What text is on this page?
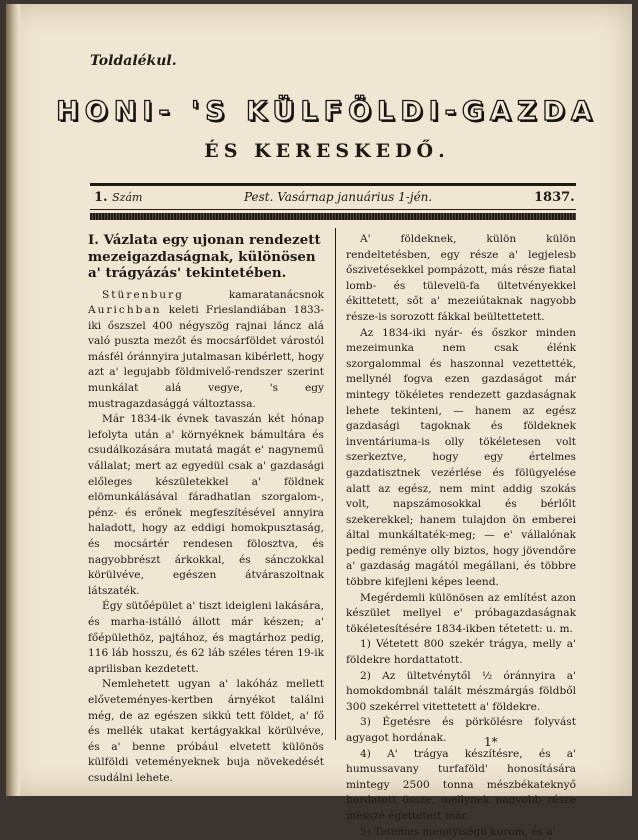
Toldalékul.
HONI- 'S KÜLFÖLDI-GAZDA
ÉS KERESKEDŐ.
1. Szám	Pest. Vasárnap januárius 1-jén.	1837.

I. Vázlata egy ujonan rendezett mezeigazdaságnak, különösen a' trágyázás' tekintetében.

Stürenburg kamaratanácsnok Aurichban keleti Frieslandiában 1833-iki őszszel 400 négyszög rajnai láncz alá való puszta mezőt és mocsárföldet várostól másfél óránnyira jutalmasan kibérlett, hogy azt a' legujabb földmivelő-rendszer szerint munkálat alá vegye, 's egy mustragazdasággá változtassa.

Már 1834-ik évnek tavaszán két hónap lefolyta után a' környéknek bámultára és csudálkozására mutatá magát e' nagynemű vállalat; mert az egyedül csak a' gazdasági előleges készületekkel a' földnek elömunkálásával fáradhatlan szorgalom-, pénz- és erőnek megfeszítésével annyira haladott, hogy az eddigi homokpusztaság, és mocsártér rendesen fölosztva, és nagyobbrészt árkokkal, és sánczokkal körülvéve, egészen átváraszoltnak látszaték.

Égy sütőépület a' tiszt ideigleni lakására, és marha-istálló állott már készen; a' főépülethöz, pajtához, és magtárhoz pedig, 116 láb hosszu, és 62 láb széles téren 19-ik aprilisban kezdetett.

Nemlehetett ugyan a' lakóház mellett előveteményes-kertben árnyékot találni még, de az egészen sikkú tett földet, a' fő és mellék utakat kertágyakkal körülvéve, és a' benne próbául elvetett különös külföldi veteményeknek buja növekedését csudálni lehete.

A' földeknek, külön külön rendeltetésben, egy része a' legjelesb őszivetésekkel pompázott, más része fiatal lomb- és tülevelü-fa ültetvényekkel ékittetett, sőt a' mezeiútaknak nagyobb része-is sorozott fákkal beültettetett.

Az 1834-iki nyár- és őszkor minden mezeimunka nem csak élénk szorgalommal és haszonnal vezettették, mellynél fogva ezen gazdaságot már mintegy tökéletes rendezett gazdaságnak lehete tekinteni, — hanem az egész gazdasági tagoknak és földeknek inventáriuma-is olly tökéletesen volt szerkeztve, hogy egy értelmes gazdatisztnek vezérlése és fölügyelése alatt az egész, nem mint addig szokás volt, napszámosokkal és bérlőlt szekerekkel; hanem tulajdon ön emberei által munkáltaték-meg; — e' vállalónak pedig reménye olly biztos, hogy jövendőre a' gazdaság magától megállani, és többre többre kifejleni képes leend.

Megérdemli különösen az említést azon készület mellyel e' próbagazdaságnak tökéletesítésére 1834-ikben tétetett: u. m.

1) Vétetett 800 szekér trágya, melly a' földekre hordattatott.

2) Az ültetvénytől ½ óránnyira a' homokdombnál talált mészmárgás földből 300 szekérrel vitettetett a' földekre.

3) Égetésre és pörkölésre folyvást agyagot hordának.

4) A' trágya készítésre, és a' humussavany turfaföld' honosítására mintegy 2500 tonna mészbékateknyő hordatott össze, mellynek nagyobb része mésszé égettetett már.

5) Tetemes mennyiségü korom, és a'

1*
